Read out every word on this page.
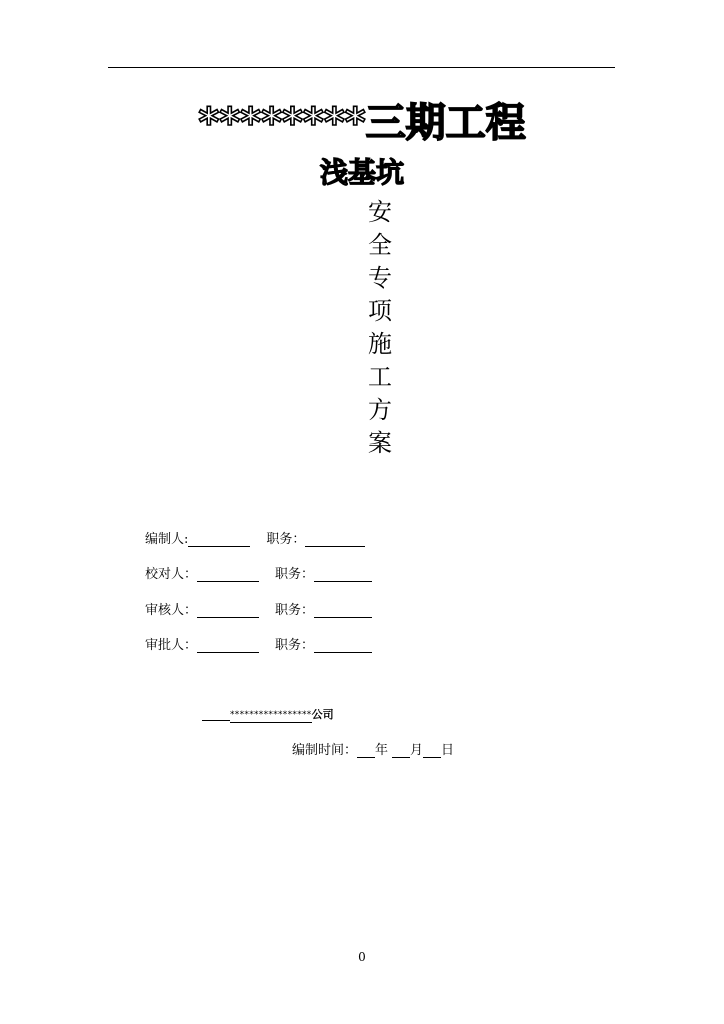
********三期工程
浅基坑
安
全
专
项
施
工
方
案
编制人:	职务：
校对人：	职务：
审核人：	职务：
审批人：	职务：
***************** 公司
编制时间： 年 月 日
0
